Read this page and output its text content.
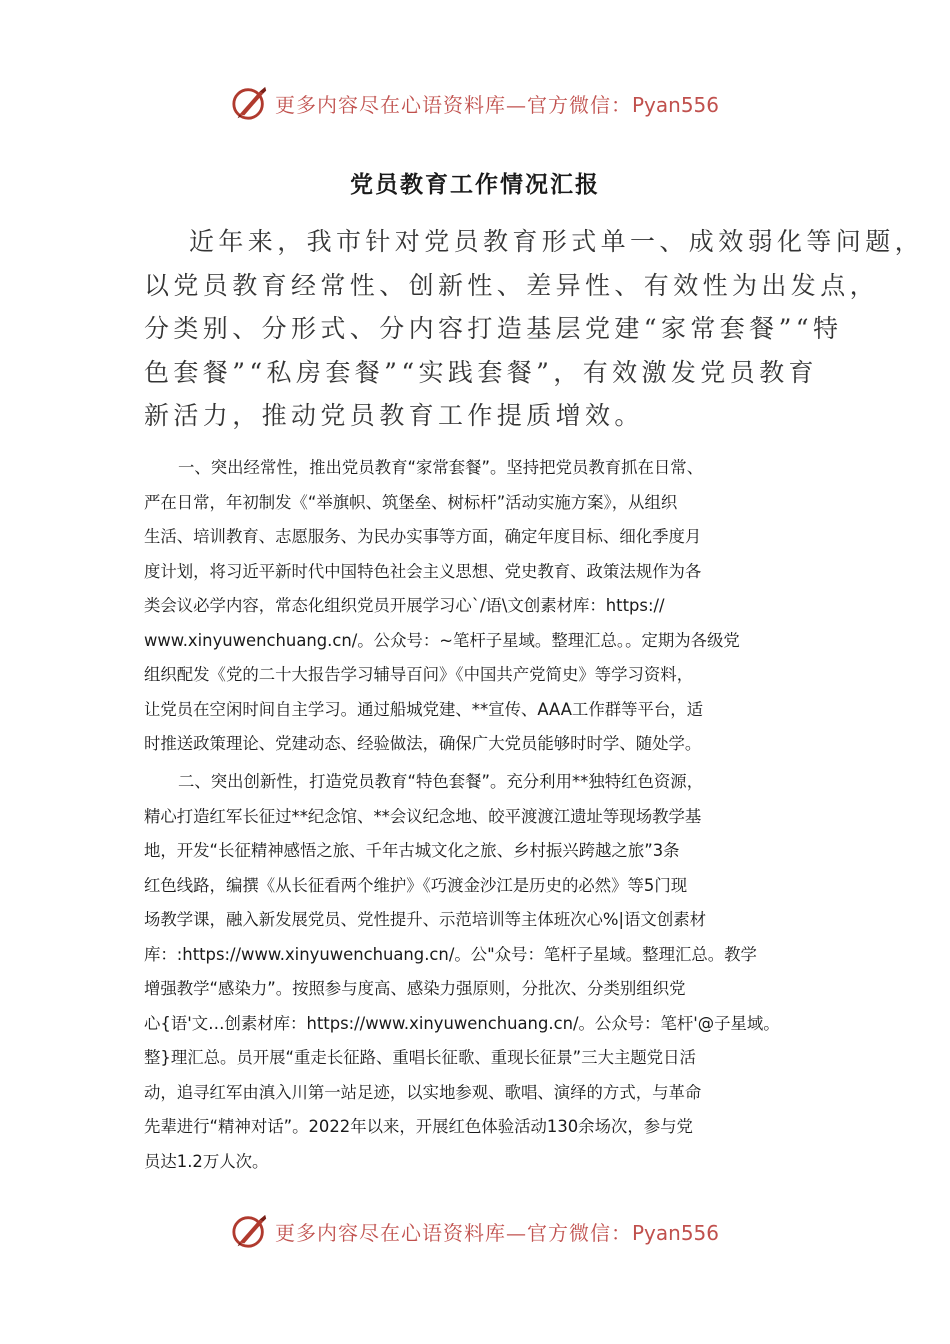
更多内容尽在心语资料库—官方微信：Pyan556
党员教育工作情况汇报
近年来，我市针对党员教育形式单一、成效弱化等问题，
以党员教育经常性、创新性、差异性、有效性为出发点，
分类别、分形式、分内容打造基层党建“家常套餐”“特
色套餐”“私房套餐”“实践套餐”，有效激发党员教育
新活力，推动党员教育工作提质增效。
一、突出经常性，推出党员教育“家常套餐”。坚持把党员教育抓在日常、
严在日常，年初制发《“举旗帜、筑堡垒、树标杆”活动实施方案》，从组织
生活、培训教育、志愿服务、为民办实事等方面，确定年度目标、细化季度月
度计划，将习近平新时代中国特色社会主义思想、党史教育、政策法规作为各
类会议必学内容，常态化组织党员开展学习心`/语\文创素材库：https://
www.xinyuwenchuang.cn/。公众号：~笔杆子星域。整理汇总。。定期为各级党
组织配发《党的二十大报告学习辅导百问》《中国共产党简史》等学习资料，
让党员在空闲时间自主学习。通过船城党建、**宣传、AAA工作群等平台，适
时推送政策理论、党建动态、经验做法，确保广大党员能够时时学、随处学。
二、突出创新性，打造党员教育“特色套餐”。充分利用**独特红色资源，
精心打造红军长征过**纪念馆、**会议纪念地、皎平渡渡江遗址等现场教学基
地，开发“长征精神感悟之旅、千年古城文化之旅、乡村振兴跨越之旅”3条
红色线路，编撰《从长征看两个维护》《巧渡金沙江是历史的必然》等5门现
场教学课，融入新发展党员、党性提升、示范培训等主体班次心%|语文创素材
库：:https://www.xinyuwenchuang.cn/。公"众号：笔杆子星域。整理汇总。教学
增强教学“感染力”。按照参与度高、感染力强原则，分批次、分类别组织党
心{语'文…创素材库：https://www.xinyuwenchuang.cn/。公众号：笔杆'@子星域。
整}理汇总。员开展“重走长征路、重唱长征歌、重现长征景”三大主题党日活
动，追寻红军由滇入川第一站足迹，以实地参观、歌唱、演绎的方式，与革命
先辈进行“精神对话”。2022年以来，开展红色体验活动130余场次，参与党
员达1.2万人次。
更多内容尽在心语资料库—官方微信：Pyan556
